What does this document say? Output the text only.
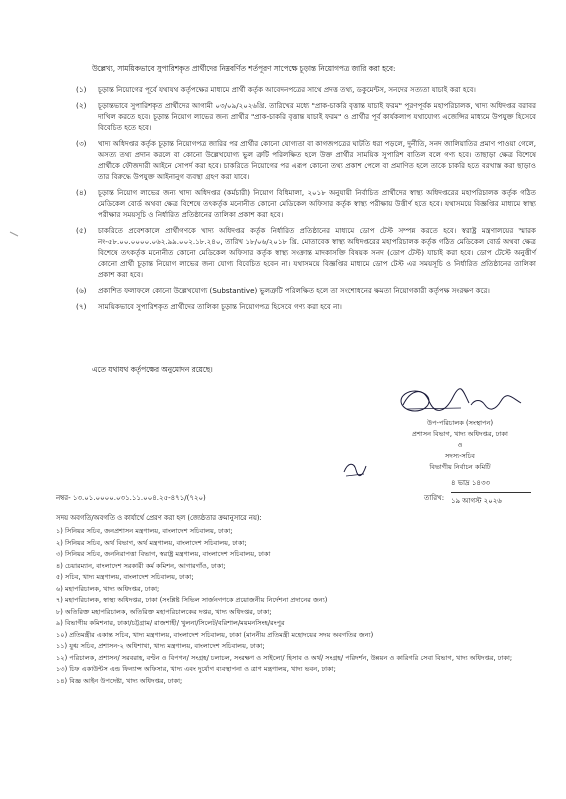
উল্লেখ্য, সাময়িকভাবে সুপারিশকৃত প্রার্থীদের নিম্নবর্ণিত শর্তপূরণ সাপেক্ষে চূড়ান্ত নিয়োগপত্র জারি করা হবে:
(১)	চূড়ান্ত নিয়োগের পূর্বে যথাযথ কর্তৃপক্ষের মাধ্যমে প্রার্থী কর্তৃক আবেদনপত্রের সাথে প্রদত্ত তথ্য, ডকুমেন্টস, সনদের সত্যতা যাচাই করা হবে।
(২)	চূড়ান্তভাবে সুপারিশকৃত প্রার্থীদের আগামী ০৩/০৯/২০২৬খ্রি. তারিখের মধ্যে "প্রাক-চাকরি বৃত্তান্ত যাচাই ফরম" পূরণপূর্বক মহাপরিচালক, খাদ্য অধিদপ্তর বরাবর দাখিল করতে হবে। চূড়ান্ত নিয়োগ লাভের জন্য প্রার্থীর "প্রাক-চাকরি বৃত্তান্ত যাচাই ফরম" ও প্রার্থীর পূর্ব কার্যকলাপ যথাযোগ্য এজেন্সির মাধ্যমে উপযুক্ত হিসেবে বিবেচিত হতে হবে।
(৩)	খাদ্য অধিদপ্তর কর্তৃক চূড়ান্ত নিয়োগপত্র জারির পর প্রার্থীর কোনো যোগ্যতা বা কাগজপত্রের ঘাটতি ধরা পড়লে, দুর্নীতি, সনদ জালিয়াতির প্রমাণ পাওয়া গেলে, অসত্য তথ্য প্রদান করলে বা কোনো উল্লেখযোগ্য ভুল ত্রুটি পরিলক্ষিত হলে উক্ত প্রার্থীর সাময়িক সুপারিশ বাতিল বলে গণ্য হবে। তাছাড়া ক্ষেত্র বিশেষে প্রার্থীকে ফৌজদারী আইনে সোপর্দ করা হবে। চাকরিতে নিয়োগের পর এরূপ কোনো তথ্য প্রকাশ পেলে বা প্রমাণিত হলে তাকে চাকরি হতে বরখাস্ত করা ছাড়াও তার বিরুদ্ধে উপযুক্ত আইনানুগ ব্যবস্থা গ্রহণ করা যাবে।
(৪)	চূড়ান্ত নিয়োগ লাভের জন্য খাদ্য অধিদপ্তর (কর্মচারী) নিয়োগ বিধিমালা, ২০১৮ অনুযায়ী নির্বাচিত প্রার্থীদের স্বাস্থ্য অধিদপ্তরের মহাপরিচালক কর্তৃক গঠিত মেডিকেল বোর্ড অথবা ক্ষেত্র বিশেষে তৎকর্তৃক মনোনীত কোনো মেডিকেল অফিসার কর্তৃক স্বাস্থ্য পরীক্ষায় উত্তীর্ণ হতে হবে। যথাসময়ে বিজ্ঞপ্তির মাধ্যমে স্বাস্থ্য পরীক্ষার সময়সূচি ও নির্ধারিত প্রতিষ্ঠানের তালিকা প্রকাশ করা হবে।
(৫)	চাকরিতে প্রবেশকালে প্রার্থীগণকে খাদ্য অধিদপ্তর কর্তৃক নির্ধারিত প্রতিষ্ঠানের মাধ্যমে ডোপ টেস্ট সম্পন্ন করতে হবে। স্বরাষ্ট্র মন্ত্রণালয়ের স্মারক নং-৫৮.০০.০০০০.০৬২.৯৯.০০২.১৮.২৪০, তারিখ ১৮/০৬/২০১৮ খ্রি. মোতাবেক স্বাস্থ্য অধিদপ্তরের মহাপরিচালক কর্তৃক গঠিত মেডিকেল বোর্ড অথবা ক্ষেত্র বিশেষে তৎকর্তৃক মনোনীত কোনো মেডিকেল অফিসার কর্তৃক স্বাস্থ্য সংক্রান্ত মাদকাসক্তি বিষয়ক সনদ (ডোপ টেস্ট) যাচাই করা হবে। ডোপ টেস্টে অনুত্তীর্ণ কোনো প্রার্থী চূড়ান্ত নিয়োগ লাভের জন্য যোগ্য বিবেচিত হবেন না। যথাসময়ে বিজ্ঞপ্তির মাধ্যমে ডোপ টেস্ট এর সময়সূচি ও নির্ধারিত প্রতিষ্ঠানের তালিকা প্রকাশ করা হবে।
(৬)	প্রকাশিত ফলাফলে কোনো উল্লেখযোগ্য (Substantive) ভুলত্রুটি পরিলক্ষিত হলে তা সংশোধনের ক্ষমতা নিয়োগকারী কর্তৃপক্ষ সংরক্ষণ করে।
(৭)	সাময়িকভাবে সুপারিশকৃত প্রার্থীদের তালিকা চূড়ান্ত নিয়োগপত্র হিসেবে গণ্য করা হবে না।
এতে যথাযথ কর্তৃপক্ষের অনুমোদন রয়েছে।
উপ-পরিচালক (সংস্থাপন)
প্রশাসন বিভাগ, খাদ্য অধিদপ্তর, ঢাকা
ও
সদস্য-সচিব
বিভাগীয় নির্বাচন কমিটি
নম্বর- ১৩.০১.০০০০.০৩১.১১.০০৪.২৫-৪৭১/(৭২০)	তারিখ:
৪ ভাদ্র ১৪৩৩
১৯ আগস্ট ২০২৬
সদয় অবগতি/অবগতি ও কার্যার্থে প্রেরণ করা হল (জ্যেষ্ঠতার ক্রমানুসারে নয়):
১) সিনিয়র সচিব, জনপ্রশাসন মন্ত্রণালয়, বাংলাদেশ সচিবালয়, ঢাকা;
২) সিনিয়র সচিব, অর্থ বিভাগ, অর্থ মন্ত্রণালয়, বাংলাদেশ সচিবালয়, ঢাকা;
৩) সিনিয়র সচিব, জননিরাপত্তা বিভাগ, স্বরাষ্ট্র মন্ত্রণালয়, বাংলাদেশ সচিবালয়, ঢাকা
৪) চেয়ারম্যান, বাংলাদেশ সরকারী কর্ম কমিশন, আগারগাঁও, ঢাকা;
৫) সচিব, খাদ্য মন্ত্রণালয়, বাংলাদেশ সচিবালয়, ঢাকা;
৬) মহাপরিচালক, খাদ্য অধিদপ্তর, ঢাকা;
৭) মহাপরিচালক, স্বাস্থ্য অধিদপ্তর, ঢাকা (সংশ্লিষ্ট সিভিল সার্জনগণকে প্রয়োজনীয় নির্দেশনা প্রদানের জন্য)
৮) অতিরিক্ত মহাপরিচালক, অতিরিক্ত মহাপরিচালকের দপ্তর, খাদ্য অধিদপ্তর, ঢাকা;
৯) বিভাগীয় কমিশনার, ঢাকা/চট্টগ্রাম/ রাজশাহী/ খুলনা/সিলেট/বরিশাল/ময়মনসিংহ/রংপুর
১০) প্রতিমন্ত্রীর একান্ত সচিব, খাদ্য মন্ত্রণালয়, বাংলাদেশ সচিবালয়, ঢাকা (মাননীয় প্রতিমন্ত্রী মহোদয়ের সদয় অবগতির জন্য)
১১) যুগ্ম সচিব, প্রশাসন-২ অধিশাখা, খাদ্য মন্ত্রণালয়, বাংলাদেশ সচিবালয়, ঢাকা;
১২) পরিচালক, প্রশাসন/ সরবরাহ, বণ্টন ও বিপণন/ সংগ্রহ/ চলাচল, সংরক্ষণ ও সাইলো/ হিসাব ও অর্থ/ সংগ্রহ/ পরিদর্শন, উন্নয়ন ও কারিগরি সেবা বিভাগ, খাদ্য অধিদপ্তর, ঢাকা;
১৩) চিফ একাউন্টস এন্ড ফিন্যান্স অফিসার, খাদ্য এবং দুর্যোগ ব্যবস্থাপনা ও ত্রাণ মন্ত্রণালয়, খাদ্য ভবন, ঢাকা;
১৪) বিজ্ঞ আইন উপদেষ্টা, খাদ্য অধিদপ্তর, ঢাকা;
